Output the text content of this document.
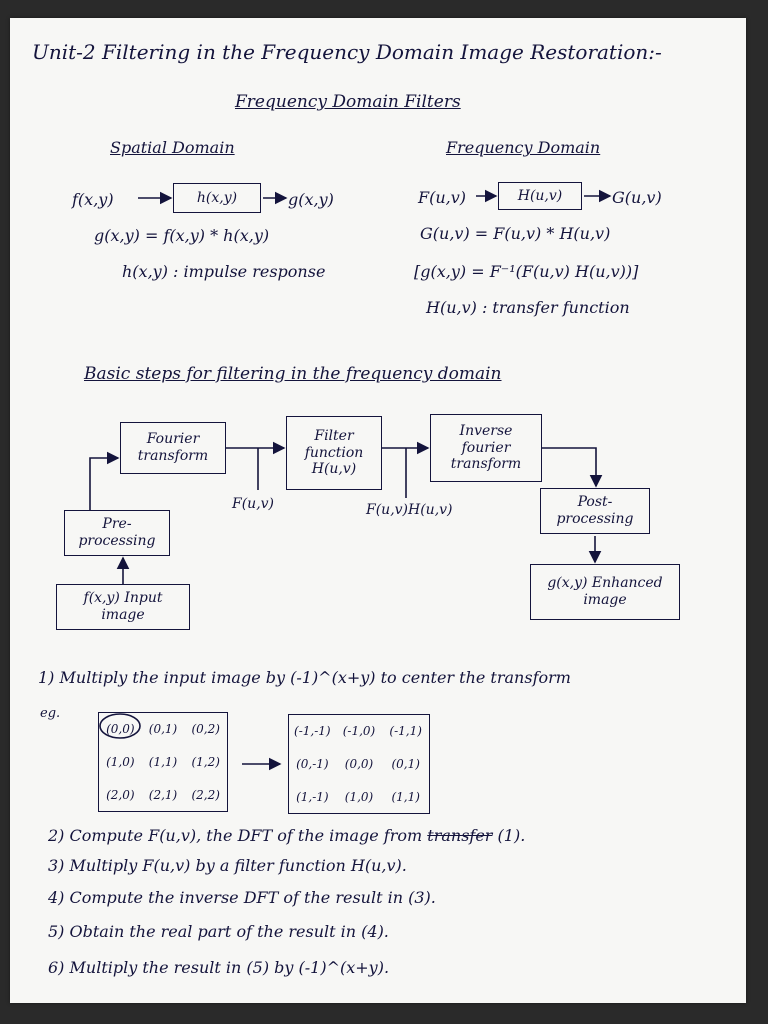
Unit-2 Filtering in the Frequency Domain Image Restoration:-
Frequency Domain Filters
Spatial Domain
f(x,y)	h(x,y)	g(x,y)
g(x,y) = f(x,y) * h(x,y)
h(x,y) : impulse response
Frequency Domain
F(u,v)	H(u,v)	G(u,v)
G(u,v) = F(u,v) * H(u,v)
[g(x,y) = F⁻¹(F(u,v) H(u,v))]
H(u,v) : transfer function
Basic steps for filtering in the frequency domain
Fourier transform
Filter function H(u,v)
Inverse fourier transform
Pre-processing
Post-processing
f(x,y) Input image
g(x,y) Enhanced image
F(u,v)	F(u,v)H(u,v)
1) Multiply the input image by (-1)^(x+y) to center the transform
eg.
(0,0)	(0,1)	(0,2)
(1,0)	(1,1)	(1,2)
(2,0)	(2,1)	(2,2)
(-1,-1)	(-1,0)	(-1,1)
(0,-1)	(0,0)	(0,1)
(1,-1)	(1,0)	(1,1)
2) Compute F(u,v), the DFT of the image from transfer (1).
3) Multiply F(u,v) by a filter function H(u,v).
4) Compute the inverse DFT of the result in (3).
5) Obtain the real part of the result in (4).
6) Multiply the result in (5) by (-1)^(x+y).
